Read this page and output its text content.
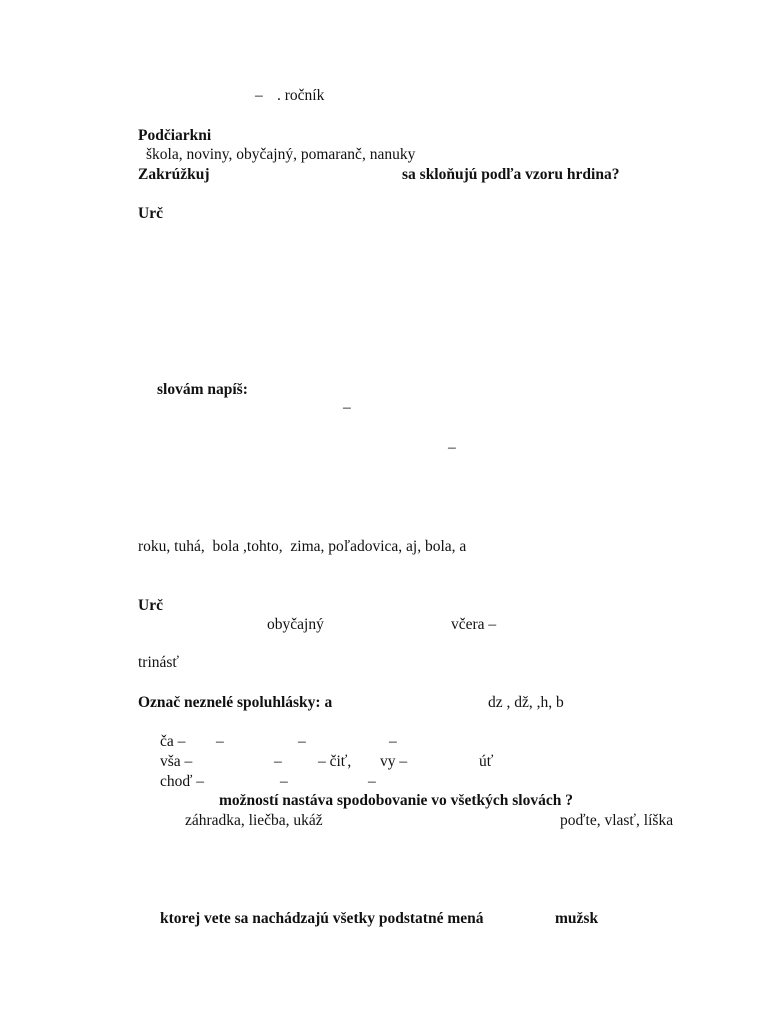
– . ročník
Podčiarkni
škola, noviny, obyčajný, pomaranč, nanuky
Zakrúžkuj	sa skloňujú podľa vzoru hrdina?
Urč
slovám napíš:
–
–
roku, tuhá,  bola ,tohto,  zima, poľadovica, aj, bola, a
Urč
obyčajný	včera –
trinásť
Označ neznelé spoluhlásky: a	dz , dž, ,h, b
ča – –	–	–
vša –	– – čiť, vy –	úť
choď –	–	–
možností nastáva spodobovanie vo všetkých slovách ?
záhradka, liečba, ukáž	poďte, vlasť, líška
ktorej vete sa nachádzajú všetky podstatné mená	mužsk
